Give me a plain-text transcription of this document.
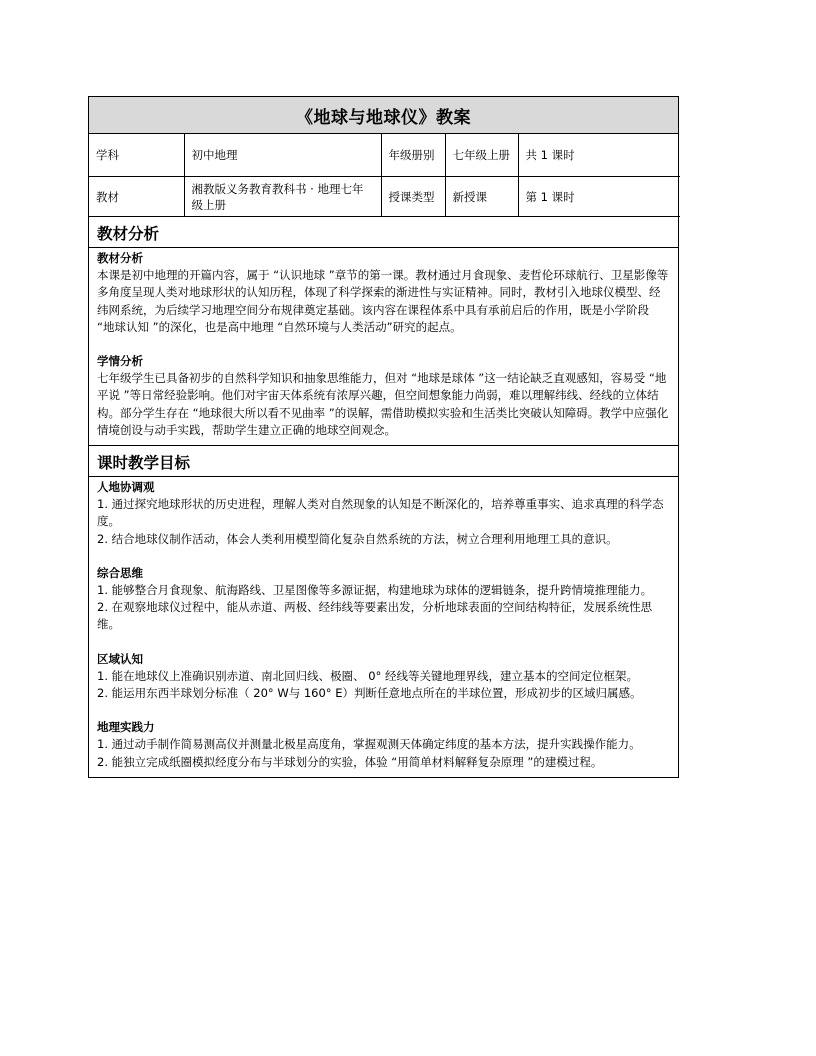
《地球与地球仪》教案
学科	初中地理	年级册别	七年级上册	共 1 课时
教材	湘教版义务教育教科书 · 地理七年级上册	授课类型	新授课	第 1 课时
教材分析

教材分析

本课是初中地理的开篇内容，属于 “认识地球 ”章节的第一课。教材通过月食现象、麦哲伦环球航行、卫星影像等多角度呈现人类对地球形状的认知历程，体现了科学探索的渐进性与实证精神。同时，教材引入地球仪模型、经纬网系统，为后续学习地理空间分布规律奠定基础。该内容在课程体系中具有承前启后的作用，既是小学阶段 “地球认知 ”的深化，也是高中地理 “自然环境与人类活动”研究的起点。

学情分析

七年级学生已具备初步的自然科学知识和抽象思维能力，但对 “地球是球体 ”这一结论缺乏直观感知，容易受 “地平说 ”等日常经验影响。他们对宇宙天体系统有浓厚兴趣，但空间想象能力尚弱，难以理解纬线、经线的立体结构。部分学生存在 “地球很大所以看不见曲率 ”的误解，需借助模拟实验和生活类比突破认知障碍。教学中应强化情境创设与动手实践，帮助学生建立正确的地球空间观念。

课时教学目标

人地协调观

1. 通过探究地球形状的历史进程，理解人类对自然现象的认知是不断深化的，培养尊重事实、追求真理的科学态度。

2. 结合地球仪制作活动，体会人类利用模型简化复杂自然系统的方法，树立合理利用地理工具的意识。

综合思维

1. 能够整合月食现象、航海路线、卫星图像等多源证据，构建地球为球体的逻辑链条，提升跨情境推理能力。

2. 在观察地球仪过程中，能从赤道、两极、经纬线等要素出发，分析地球表面的空间结构特征，发展系统性思维。

区域认知

1. 能在地球仪上准确识别赤道、南北回归线、极圈、 0° 经线等关键地理界线，建立基本的空间定位框架。

2. 能运用东西半球划分标准（ 20° W与 160° E）判断任意地点所在的半球位置，形成初步的区域归属感。

地理实践力

1. 通过动手制作简易测高仪并测量北极星高度角，掌握观测天体确定纬度的基本方法，提升实践操作能力。

2. 能独立完成纸圈模拟经度分布与半球划分的实验，体验 “用简单材料解释复杂原理 ”的建模过程。
